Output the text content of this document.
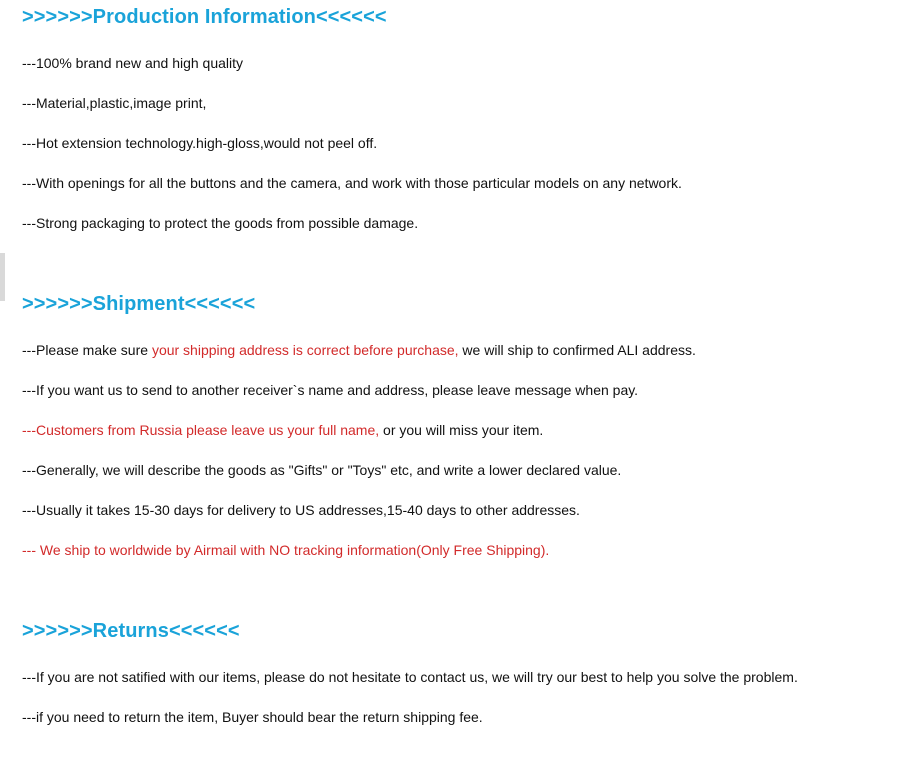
>>>>>>Production Information<<<<<<

---100% brand new and high quality

---Material,plastic,image print,

---Hot extension technology.high-gloss,would not peel off.

---With openings for all the buttons and the camera, and work with those particular models on any network.

---Strong packaging to protect the goods from possible damage.

>>>>>>Shipment<<<<<<

---Please make sure your shipping address is correct before purchase, we will ship to confirmed ALI address.

---If you want us to send to another receiver`s name and address, please leave message when pay.

---Customers from Russia please leave us your full name, or you will miss your item.

---Generally, we will describe the goods as "Gifts" or "Toys" etc, and write a lower declared value.

---Usually it takes 15-30 days for delivery to US addresses,15-40 days to other addresses.

--- We ship to worldwide by Airmail with NO tracking information(Only Free Shipping).

>>>>>>Returns<<<<<<

---If you are not satified with our items, please do not hesitate to contact us, we will try our best to help you solve the problem.

---if you need to return the item, Buyer should bear the return shipping fee.
